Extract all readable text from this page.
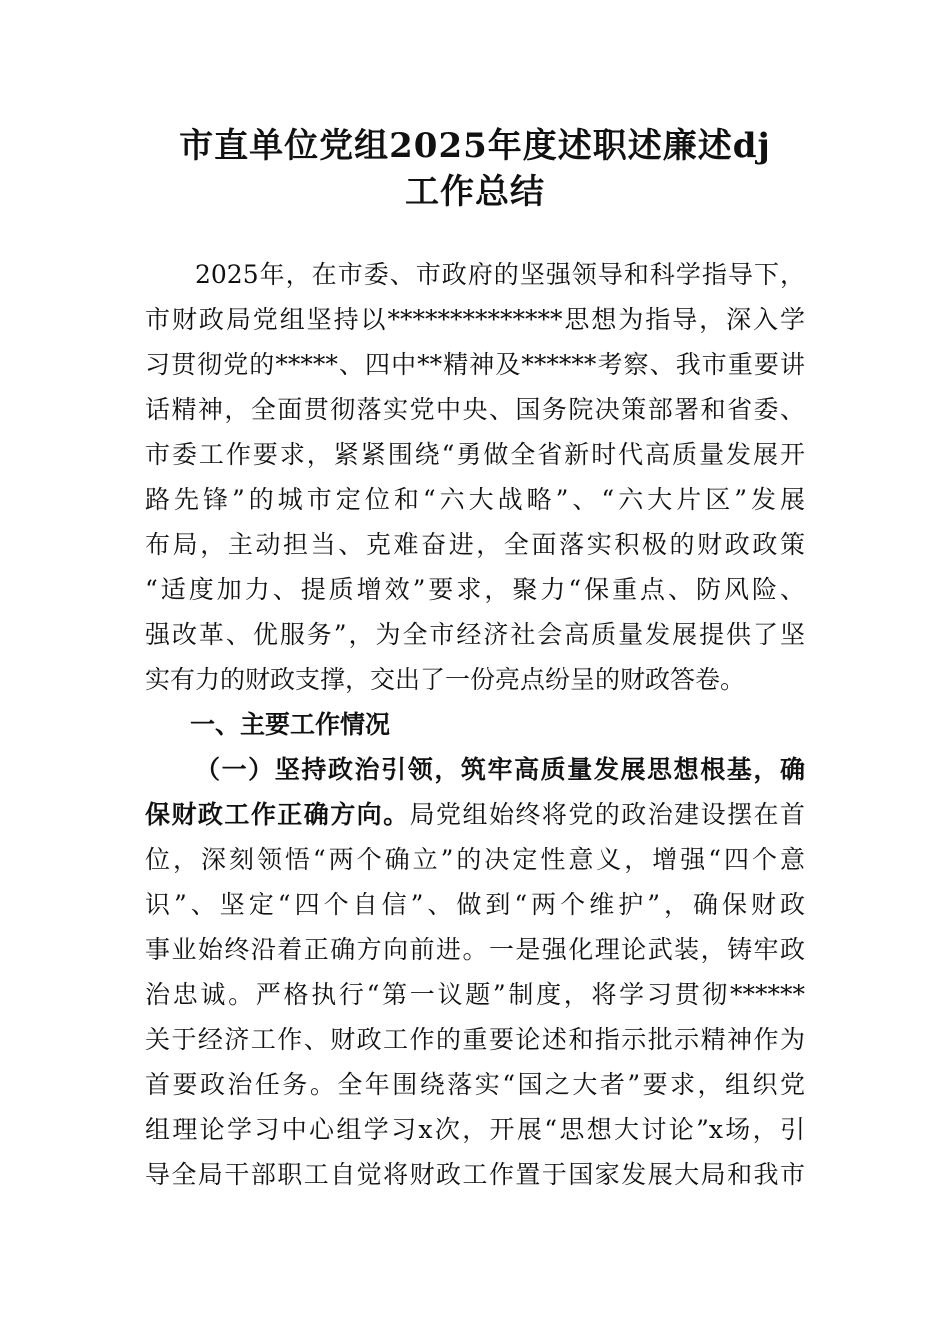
市直单位党组2025年度述职述廉述dj
工作总结
2025年，在市委、市政府的坚强领导和科学指导下，
市财政局党组坚持以**************思想为指导，深入学
习贯彻党的*****、四中**精神及******考察、我市重要讲
话精神，全面贯彻落实党中央、国务院决策部署和省委、
市委工作要求，紧紧围绕“勇做全省新时代高质量发展开
路先锋”的城市定位和“六大战略”、“六大片区”发展
布局，主动担当、克难奋进，全面落实积极的财政政策
“适度加力、提质增效”要求，聚力“保重点、防风险、
强改革、优服务”，为全市经济社会高质量发展提供了坚
实有力的财政支撑，交出了一份亮点纷呈的财政答卷。
一、主要工作情况
（一）坚持政治引领，筑牢高质量发展思想根基，确
保财政工作正确方向。局党组始终将党的政治建设摆在首
位，深刻领悟“两个确立”的决定性意义，增强“四个意
识”、坚定“四个自信”、做到“两个维护”，确保财政
事业始终沿着正确方向前进。一是强化理论武装，铸牢政
治忠诚。严格执行“第一议题”制度，将学习贯彻******
关于经济工作、财政工作的重要论述和指示批示精神作为
首要政治任务。全年围绕落实“国之大者”要求，组织党
组理论学习中心组学习x次，开展“思想大讨论”x场，引
导全局干部职工自觉将财政工作置于国家发展大局和我市
